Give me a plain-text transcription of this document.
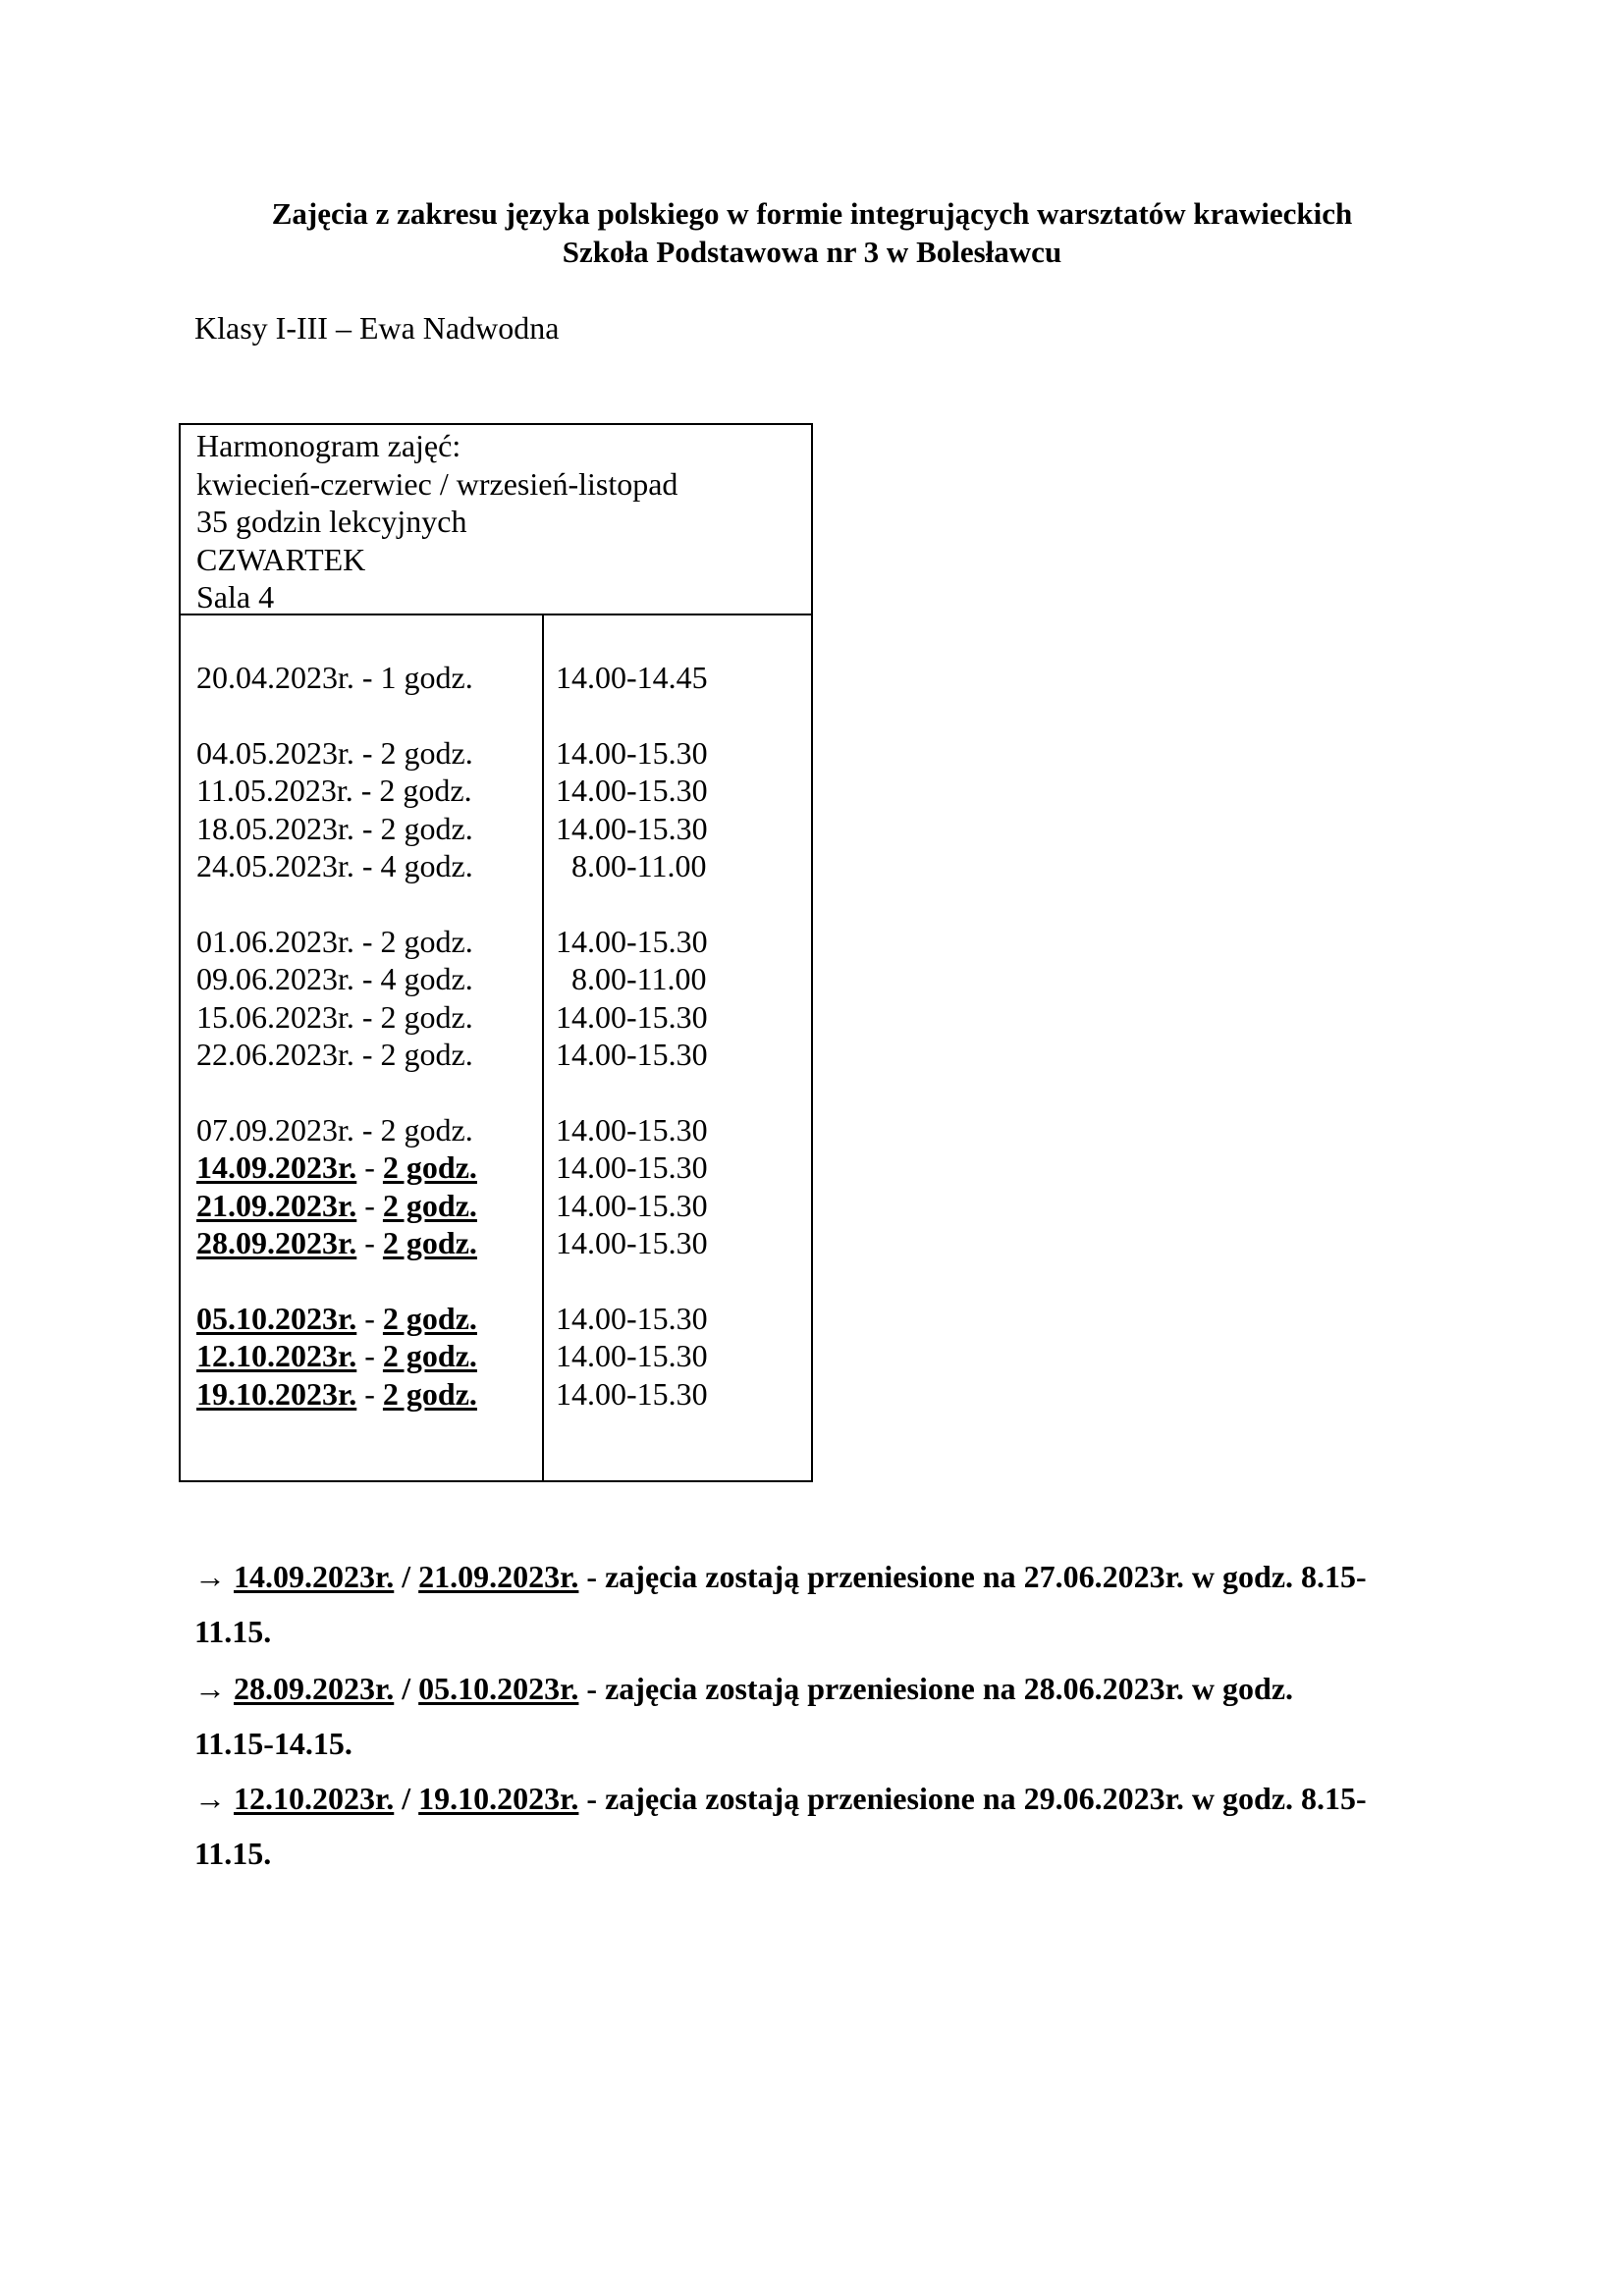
Zajęcia z zakresu języka polskiego w formie integrujących warsztatów krawieckich
Szkoła Podstawowa nr 3 w Bolesławcu
Klasy I-III – Ewa Nadwodna
Harmonogram zajęć:
kwiecień-czerwiec / wrzesień-listopad
35 godzin lekcyjnych
CZWARTEK
Sala 4
20.04.2023r. - 1 godz.	14.00-14.45
04.05.2023r. - 2 godz.	14.00-15.30
11.05.2023r. - 2 godz.	14.00-15.30
18.05.2023r. - 2 godz.	14.00-15.30
24.05.2023r. - 4 godz.	8.00-11.00
01.06.2023r. - 2 godz.	14.00-15.30
09.06.2023r. - 4 godz.	8.00-11.00
15.06.2023r. - 2 godz.	14.00-15.30
22.06.2023r. - 2 godz.	14.00-15.30
07.09.2023r. - 2 godz.	14.00-15.30
14.09.2023r. - 2 godz.	14.00-15.30
21.09.2023r. - 2 godz.	14.00-15.30
28.09.2023r. - 2 godz.	14.00-15.30
05.10.2023r. - 2 godz.	14.00-15.30
12.10.2023r. - 2 godz.	14.00-15.30
19.10.2023r. - 2 godz.	14.00-15.30
→ 14.09.2023r. / 21.09.2023r. - zajęcia zostają przeniesione na 27.06.2023r. w godz. 8.15-
11.15.
→ 28.09.2023r. / 05.10.2023r. - zajęcia zostają przeniesione na 28.06.2023r. w godz.
11.15-14.15.
→ 12.10.2023r. / 19.10.2023r. - zajęcia zostają przeniesione na 29.06.2023r. w godz. 8.15-
11.15.
